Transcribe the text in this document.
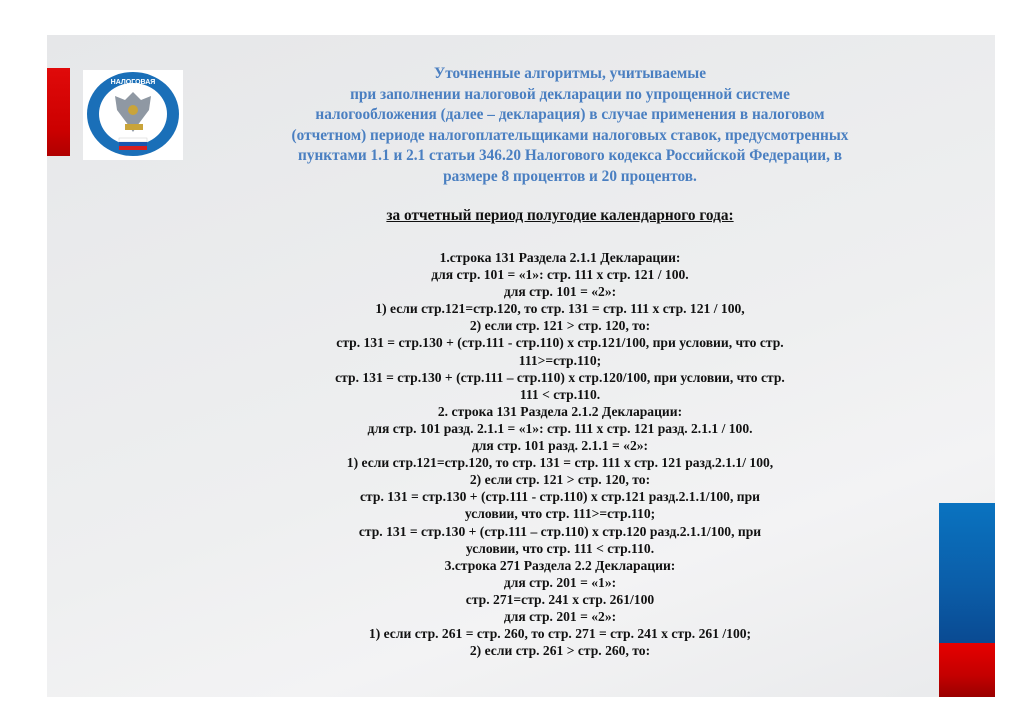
НАЛОГОВАЯ
Уточненные алгоритмы, учитываемые
при заполнении налоговой декларации по упрощенной системе
налогообложения (далее – декларация) в случае применения в налоговом
(отчетном) периоде налогоплательщиками налоговых ставок, предусмотренных
пунктами 1.1 и 2.1 статьи 346.20 Налогового кодекса Российской Федерации, в
размере 8 процентов и 20 процентов.
за отчетный период полугодие календарного года:
1.строка 131 Раздела 2.1.1 Декларации:
для стр. 101 = «1»: стр. 111 х стр. 121 / 100.
для стр. 101 = «2»:
1) если стр.121=стр.120, то стр. 131 = стр. 111 х стр. 121 / 100,
2) если стр. 121 > стр. 120, то:
стр. 131 = стр.130 + (стр.111 - стр.110) х стр.121/100, при условии, что стр.
111>=стр.110;
стр. 131 = стр.130 + (стр.111 – стр.110) х стр.120/100, при условии, что стр.
111 < стр.110.
2. строка 131 Раздела 2.1.2 Декларации:
для стр. 101 разд. 2.1.1 = «1»: стр. 111 х стр. 121 разд. 2.1.1 / 100.
для стр. 101 разд. 2.1.1 = «2»:
1) если стр.121=стр.120, то стр. 131 = стр. 111 х стр. 121 разд.2.1.1/ 100,
2) если стр. 121 > стр. 120, то:
стр. 131 = стр.130 + (стр.111 - стр.110) х стр.121 разд.2.1.1/100, при
условии, что стр. 111>=стр.110;
стр. 131 = стр.130 + (стр.111 – стр.110) х стр.120 разд.2.1.1/100, при
условии, что стр. 111 < стр.110.
3.строка 271 Раздела 2.2 Декларации:
для стр. 201 = «1»:
стр. 271=стр. 241 х стр. 261/100
для стр. 201 = «2»:
1) если стр. 261 = стр. 260, то стр. 271 = стр. 241 х стр. 261 /100;
2) если стр. 261 > стр. 260, то:
